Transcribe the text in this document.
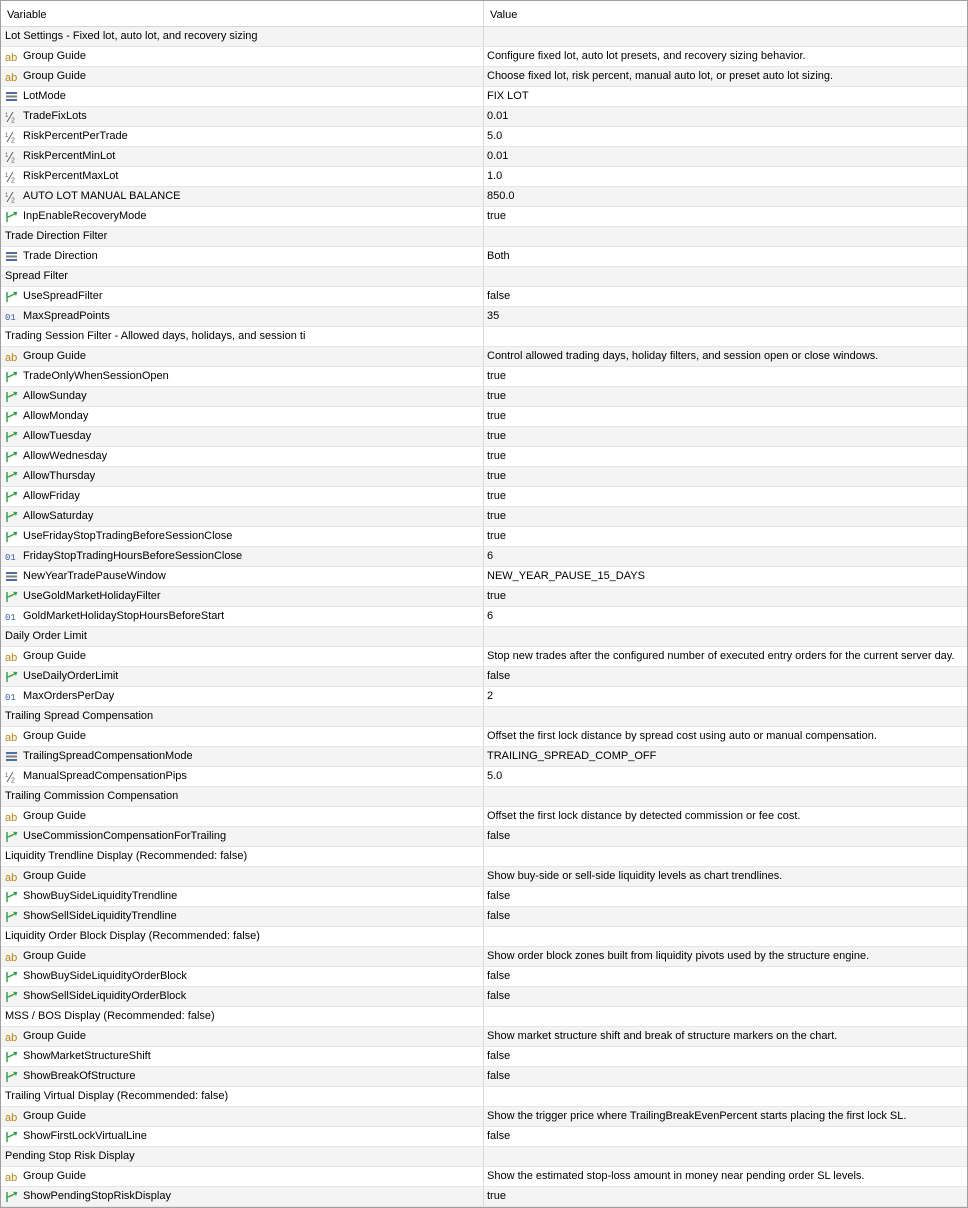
Variable	Value
Lot Settings - Fixed lot, auto lot, and recovery sizing
ab Group Guide	Configure fixed lot, auto lot presets, and recovery sizing behavior.
ab Group Guide	Choose fixed lot, risk percent, manual auto lot, or preset auto lot sizing.
LotMode	FIX LOT
1
2 TradeFixLots	0.01
1
2 RiskPercentPerTrade	5.0
1
2 RiskPercentMinLot	0.01
1
2 RiskPercentMaxLot	1.0
1
2 AUTO LOT MANUAL BALANCE	850.0
InpEnableRecoveryMode	true
Trade Direction Filter
Trade Direction	Both
Spread Filter
UseSpreadFilter	false
01 MaxSpreadPoints	35
Trading Session Filter - Allowed days, holidays, and session ti
ab Group Guide	Control allowed trading days, holiday filters, and session open or close windows.
TradeOnlyWhenSessionOpen	true
AllowSunday	true
AllowMonday	true
AllowTuesday	true
AllowWednesday	true
AllowThursday	true
AllowFriday	true
AllowSaturday	true
UseFridayStopTradingBeforeSessionClose	true
01 FridayStopTradingHoursBeforeSessionClose	6
NewYearTradePauseWindow	NEW_YEAR_PAUSE_15_DAYS
UseGoldMarketHolidayFilter	true
01 GoldMarketHolidayStopHoursBeforeStart	6
Daily Order Limit
ab Group Guide	Stop new trades after the configured number of executed entry orders for the current server day.
UseDailyOrderLimit	false
01 MaxOrdersPerDay	2
Trailing Spread Compensation
ab Group Guide	Offset the first lock distance by spread cost using auto or manual compensation.
TrailingSpreadCompensationMode	TRAILING_SPREAD_COMP_OFF
1
2 ManualSpreadCompensationPips	5.0
Trailing Commission Compensation
ab Group Guide	Offset the first lock distance by detected commission or fee cost.
UseCommissionCompensationForTrailing	false
Liquidity Trendline Display (Recommended: false)
ab Group Guide	Show buy-side or sell-side liquidity levels as chart trendlines.
ShowBuySideLiquidityTrendline	false
ShowSellSideLiquidityTrendline	false
Liquidity Order Block Display (Recommended: false)
ab Group Guide	Show order block zones built from liquidity pivots used by the structure engine.
ShowBuySideLiquidityOrderBlock	false
ShowSellSideLiquidityOrderBlock	false
MSS / BOS Display (Recommended: false)
ab Group Guide	Show market structure shift and break of structure markers on the chart.
ShowMarketStructureShift	false
ShowBreakOfStructure	false
Trailing Virtual Display (Recommended: false)
ab Group Guide	Show the trigger price where TrailingBreakEvenPercent starts placing the first lock SL.
ShowFirstLockVirtualLine	false
Pending Stop Risk Display
ab Group Guide	Show the estimated stop-loss amount in money near pending order SL levels.
ShowPendingStopRiskDisplay	true
